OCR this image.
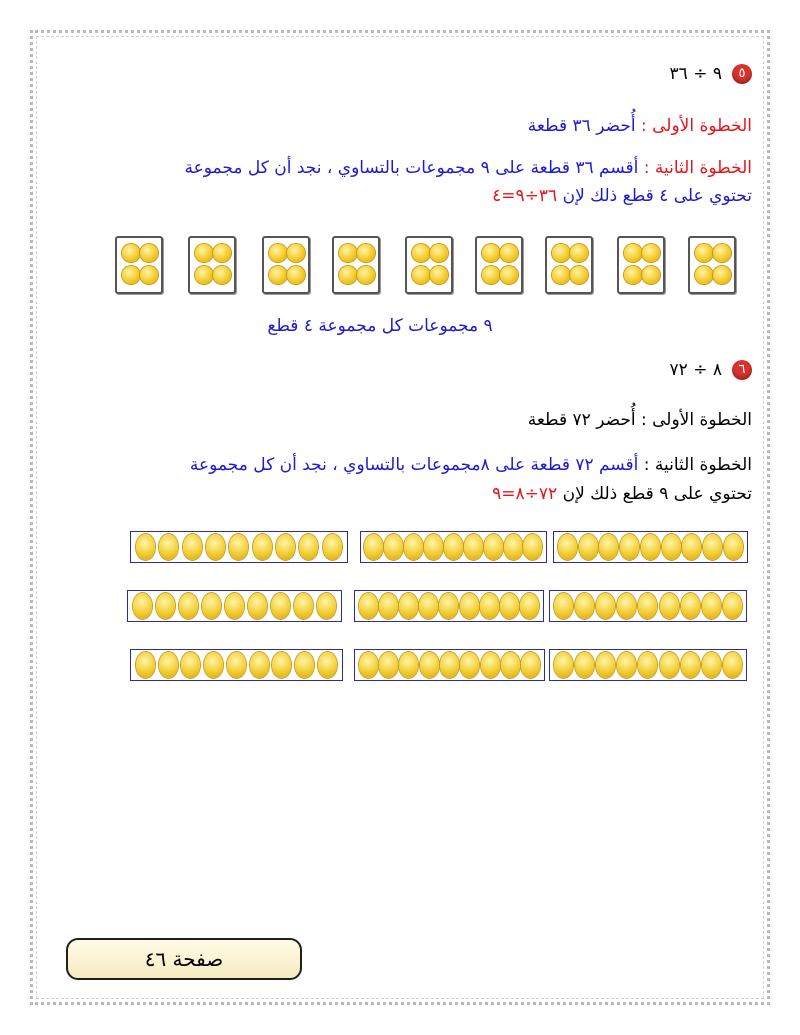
٥٩ ÷ ٣٦
الخطوة الأولى : أُحضر ٣٦ قطعة
الخطوة الثانية : أقسم ٣٦ قطعة على ٩ مجموعات بالتساوي ، نجد أن كل مجموعة
تحتوي على ٤ قطع ذلك لإن ٣٦÷٩=٤
٩ مجموعات كل مجموعة ٤ قطع
٦٨ ÷ ٧٢
الخطوة الأولى : أُحضر ٧٢ قطعة
الخطوة الثانية : أقسم ٧٢ قطعة على ٨مجموعات بالتساوي ، نجد أن كل مجموعة
تحتوي على ٩ قطع ذلك لإن ٧٢÷٨=٩
صفحة ٤٦
